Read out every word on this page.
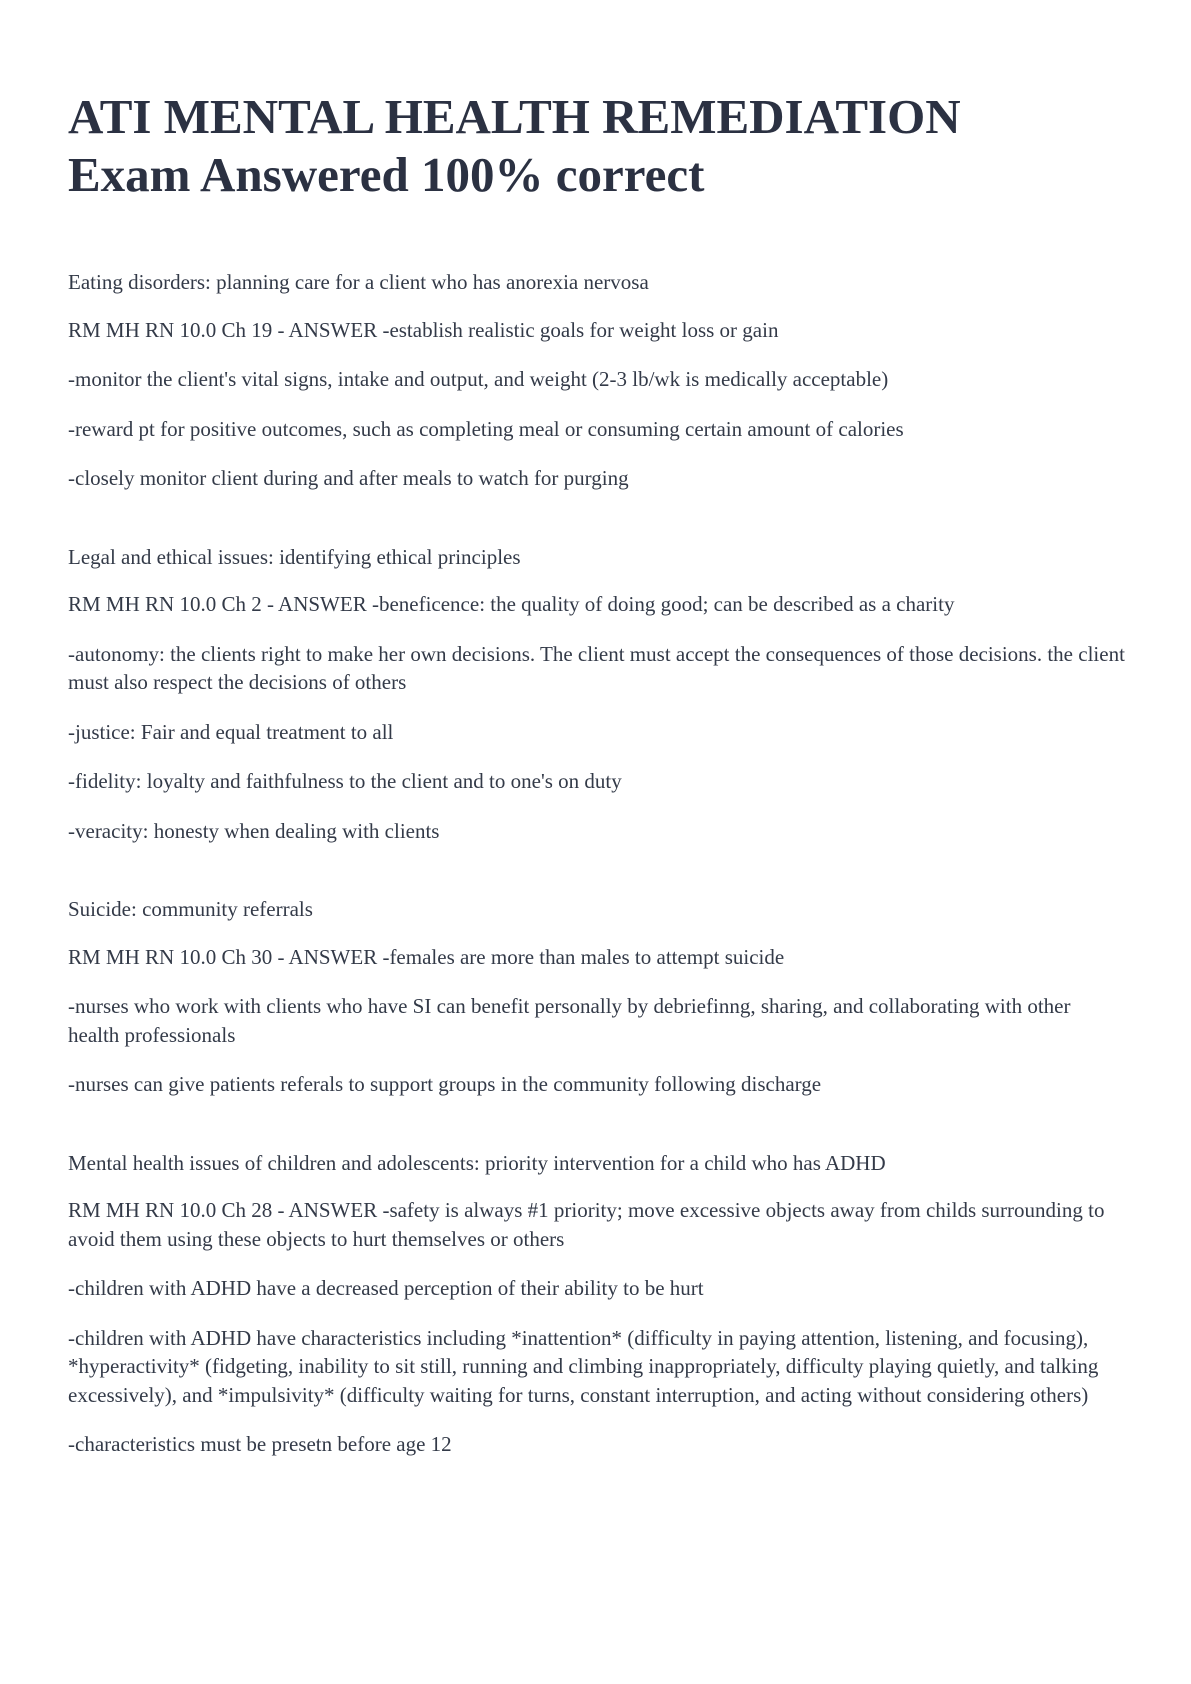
ATI MENTAL HEALTH REMEDIATION
Exam Answered 100% correct

Eating disorders: planning care for a client who has anorexia nervosa

RM MH RN 10.0 Ch 19 - ANSWER -establish realistic goals for weight loss or gain

-monitor the client's vital signs, intake and output, and weight (2-3 lb/wk is medically acceptable)

-reward pt for positive outcomes, such as completing meal or consuming certain amount of calories

-closely monitor client during and after meals to watch for purging

Legal and ethical issues: identifying ethical principles

RM MH RN 10.0 Ch 2 - ANSWER -beneficence: the quality of doing good; can be described as a charity

-autonomy: the clients right to make her own decisions. The client must accept the consequences of those decisions. the client must also respect the decisions of others

-justice: Fair and equal treatment to all

-fidelity: loyalty and faithfulness to the client and to one's on duty

-veracity: honesty when dealing with clients

Suicide: community referrals

RM MH RN 10.0 Ch 30 - ANSWER -females are more than males to attempt suicide

-nurses who work with clients who have SI can benefit personally by debriefinng, sharing, and collaborating with other health professionals

-nurses can give patients referals to support groups in the community following discharge

Mental health issues of children and adolescents: priority intervention for a child who has ADHD

RM MH RN 10.0 Ch 28 - ANSWER -safety is always #1 priority; move excessive objects away from childs surrounding to avoid them using these objects to hurt themselves or others

-children with ADHD have a decreased perception of their ability to be hurt

-children with ADHD have characteristics including *inattention* (difficulty in paying attention, listening, and focusing), *hyperactivity* (fidgeting, inability to sit still, running and climbing inappropriately, difficulty playing quietly, and talking excessively), and *impulsivity* (difficulty waiting for turns, constant interruption, and acting without considering others)

-characteristics must be presetn before age 12
